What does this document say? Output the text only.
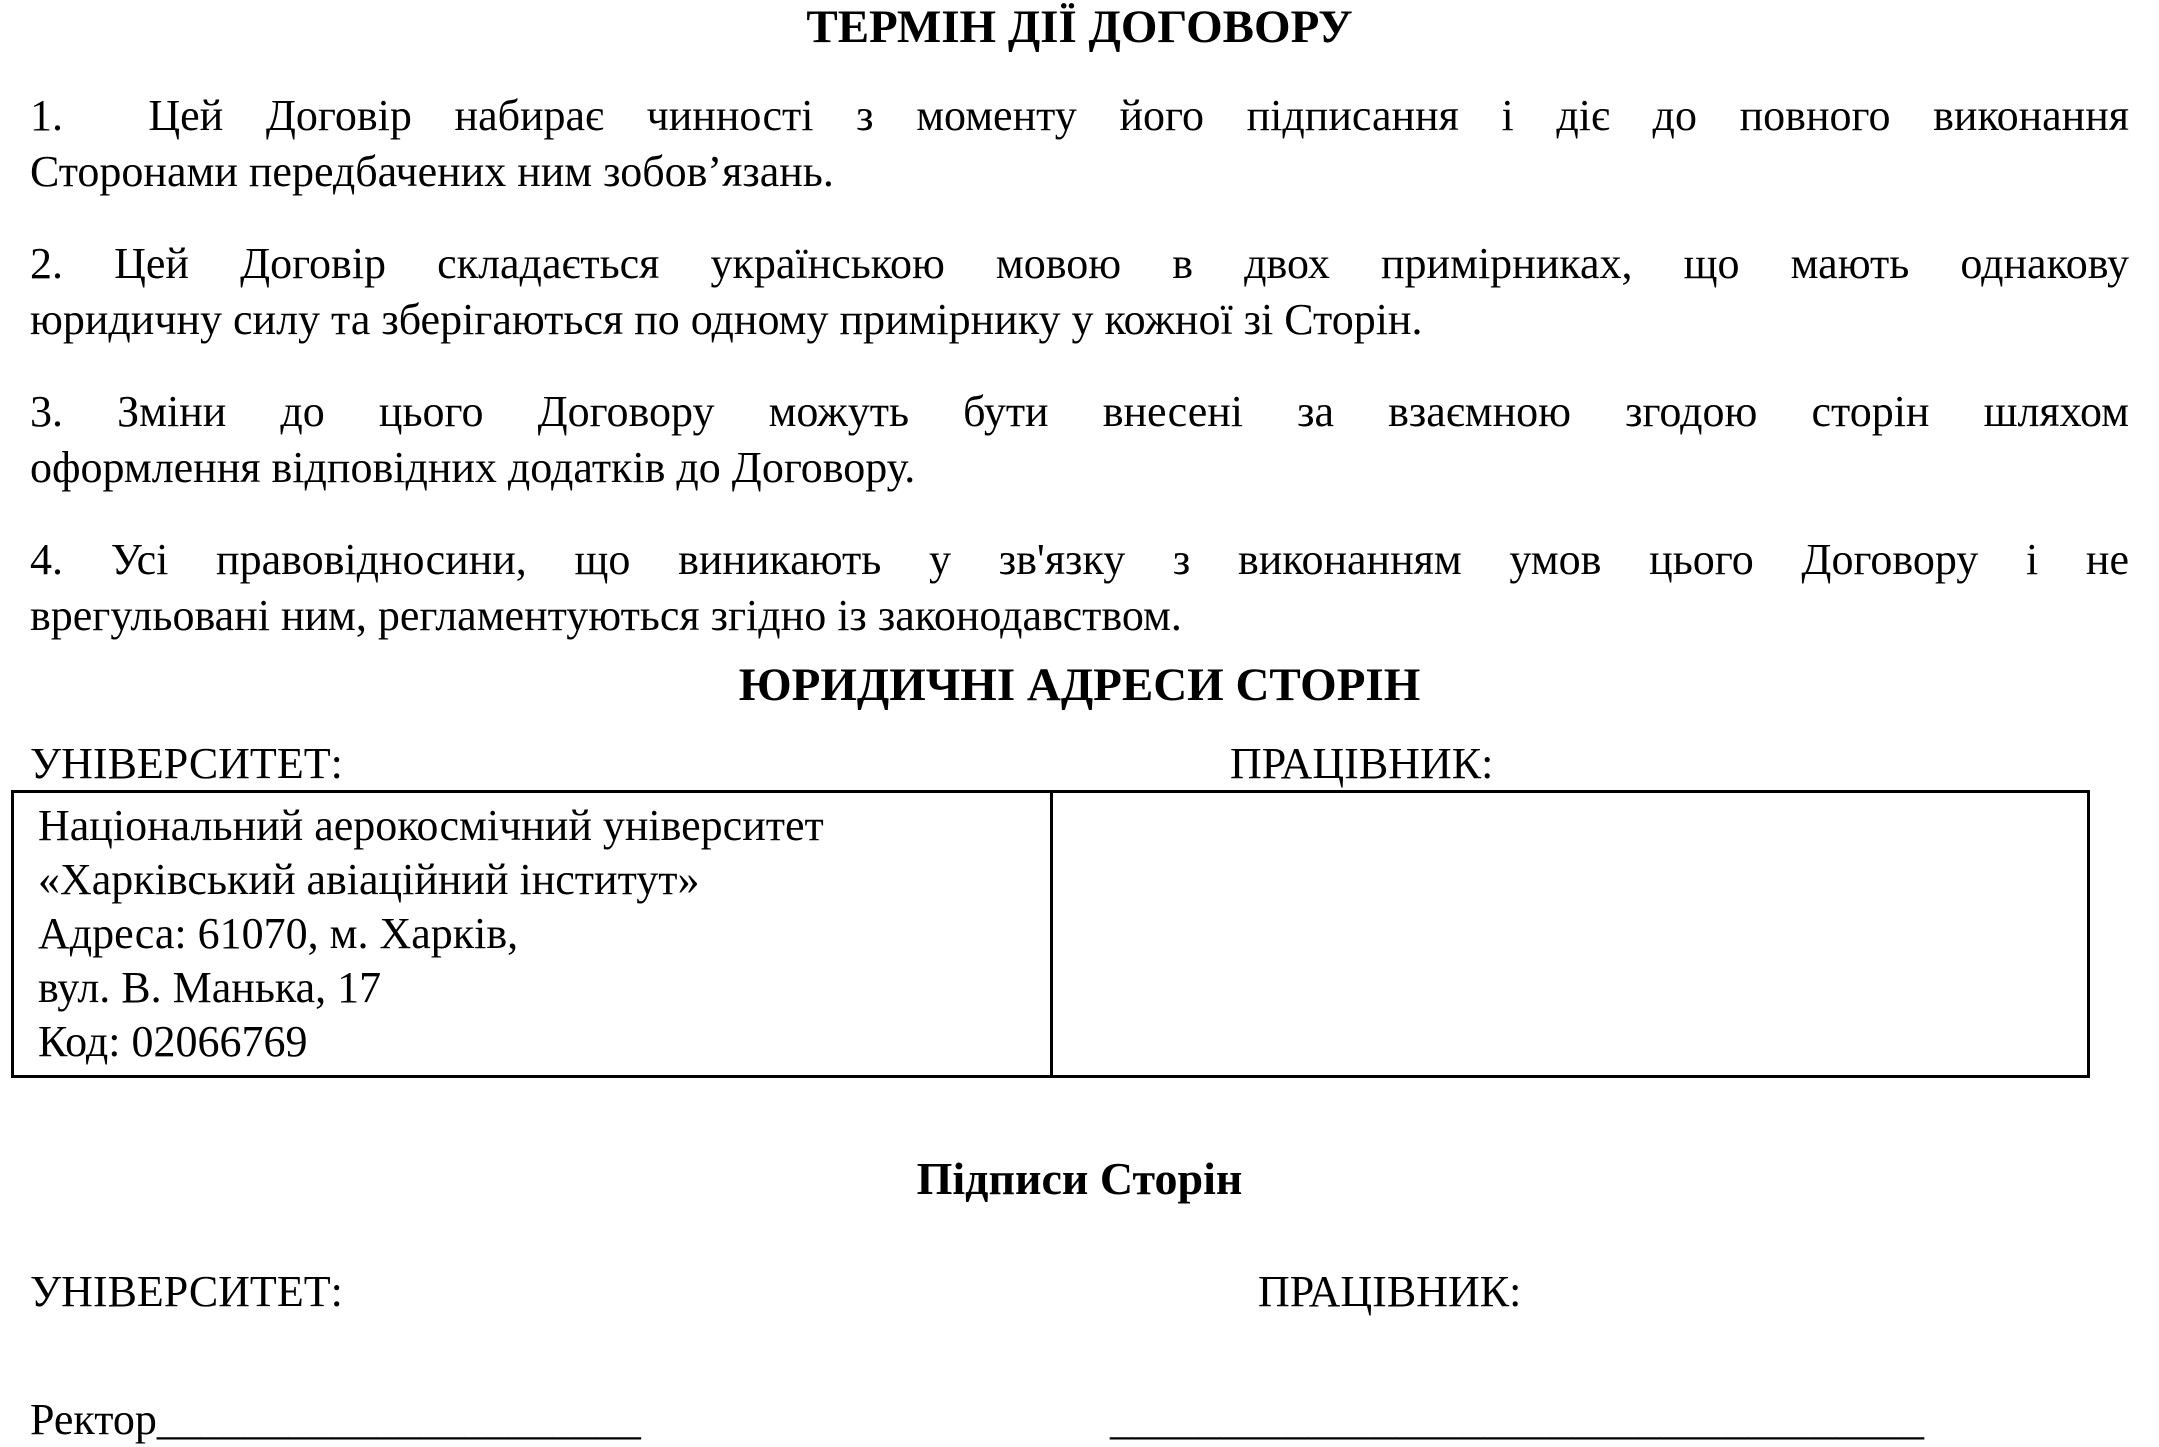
ТЕРМІН ДІЇ ДОГОВОРУ
1.  Цей Договір набирає чинності з моменту його підписання і діє до повного виконання
Сторонами передбачених ним зобов’язань.
2. Цей Договір складається українською мовою в двох примірниках, що мають однакову
юридичну силу та зберігаються по одному примірнику у кожної зі Сторін.
3. Зміни до цього Договору можуть бути внесені за взаємною згодою сторін шляхом
оформлення відповідних додатків до Договору.
4. Усі правовідносини, що виникають у зв'язку з виконанням умов цього Договору і не
врегульовані ним, регламентуються згідно із законодавством.
ЮРИДИЧНІ АДРЕСИ СТОРІН
УНІВЕРСИТЕТ:	ПРАЦІВНИК:
Національний аерокосмічний університет
«Харківський авіаційний інститут»
Адреса: 61070, м. Харків,
вул. В. Манька, 17
Код: 02066769
Підписи Сторін
УНІВЕРСИТЕТ:	ПРАЦІВНИК:
Ректор______________________	_____________________________________
